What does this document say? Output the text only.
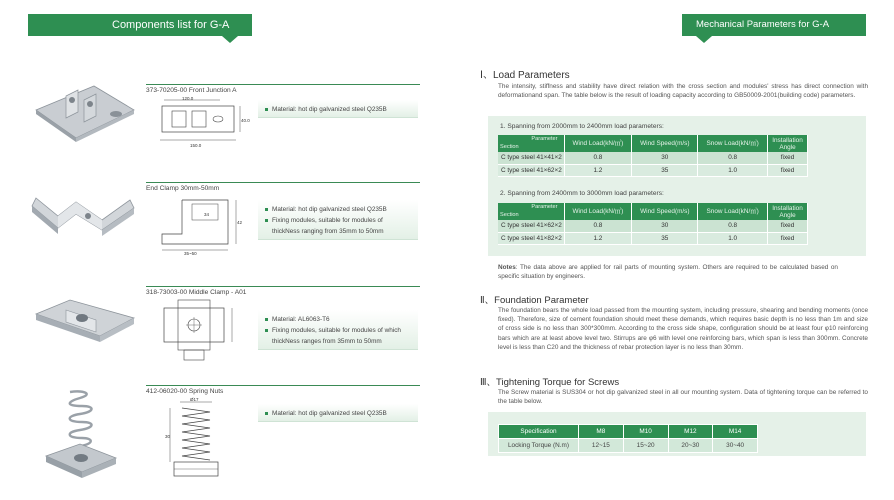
Components list for G-A	Mechanical Parameters for G-A
373-70205-00 Front Junction A
120.0
150.0
40.0
Material: hot dip galvanized steel Q235B
End Clamp 30mm-50mm
34
35~50
42
Material: hot dip galvanized steel Q235B
Fixing modules, suitable for modules of thickNess ranging from 35mm to 50mm
318-73003-00 Middle Clamp - A01
Material: AL6063-T6
Fixing modules, suitable for modules of which thickNess ranges from 35mm to 50mm
412-06020-00 Spring Nuts
Ø17
30
Material: hot dip galvanized steel Q235B
Ⅰ、Load Parameters
The intensity, stiffness and stability have direct relation with the cross section and modules' stress has direct connection with deformationand span. The table below is the result of loading capacity according to GB50009-2001(building code) parameters.
1. Spanning from 2000mm to 2400mm load parameters:
Parameter
Section	Wind Load(kN/㎡)	Wind Speed(m/s)	Snow Load(kN/㎡)	Installation Angle
C type steel 41×41×2	0.8	30	0.8	fixed
C type steel 41×62×2	1.2	35	1.0	fixed
2. Spanning from 2400mm to 3000mm load parameters:
Parameter
Section	Wind Load(kN/㎡)	Wind Speed(m/s)	Snow Load(kN/㎡)	Installation Angle
C type steel 41×62×2	0.8	30	0.8	fixed
C type steel 41×82×2	1.2	35	1.0	fixed
Notes: The data above are applied for rail parts of mounting system. Others are required to be calculated based on specific situation by engineers.
Ⅱ、Foundation Parameter
The foundation bears the whole load passed from the mounting system, including pressure, shearing and bending moments (once fixed). Therefore, size of cement foundation should meet these demands, which requires basic depth is no less than 1m and size of cross side is no less than 300*300mm. According to the cross side shape, configuration should be at least four φ10 reinforcing bars which are at least above level two. Stirrups are φ6 with level one reinforcing bars, which span is less than 300mm. Concrete level is less than C20 and the thickness of rebar protection layer is no less than 30mm.
Ⅲ、Tightening Torque for Screws
The Screw material is SUS304 or hot dip galvanized steel in all our mounting system. Data of tightening torque can be referred to the table below.
Specification	M8	M10	M12	M14
Locking Torque (N.m)	12~15	15~20	20~30	30~40
